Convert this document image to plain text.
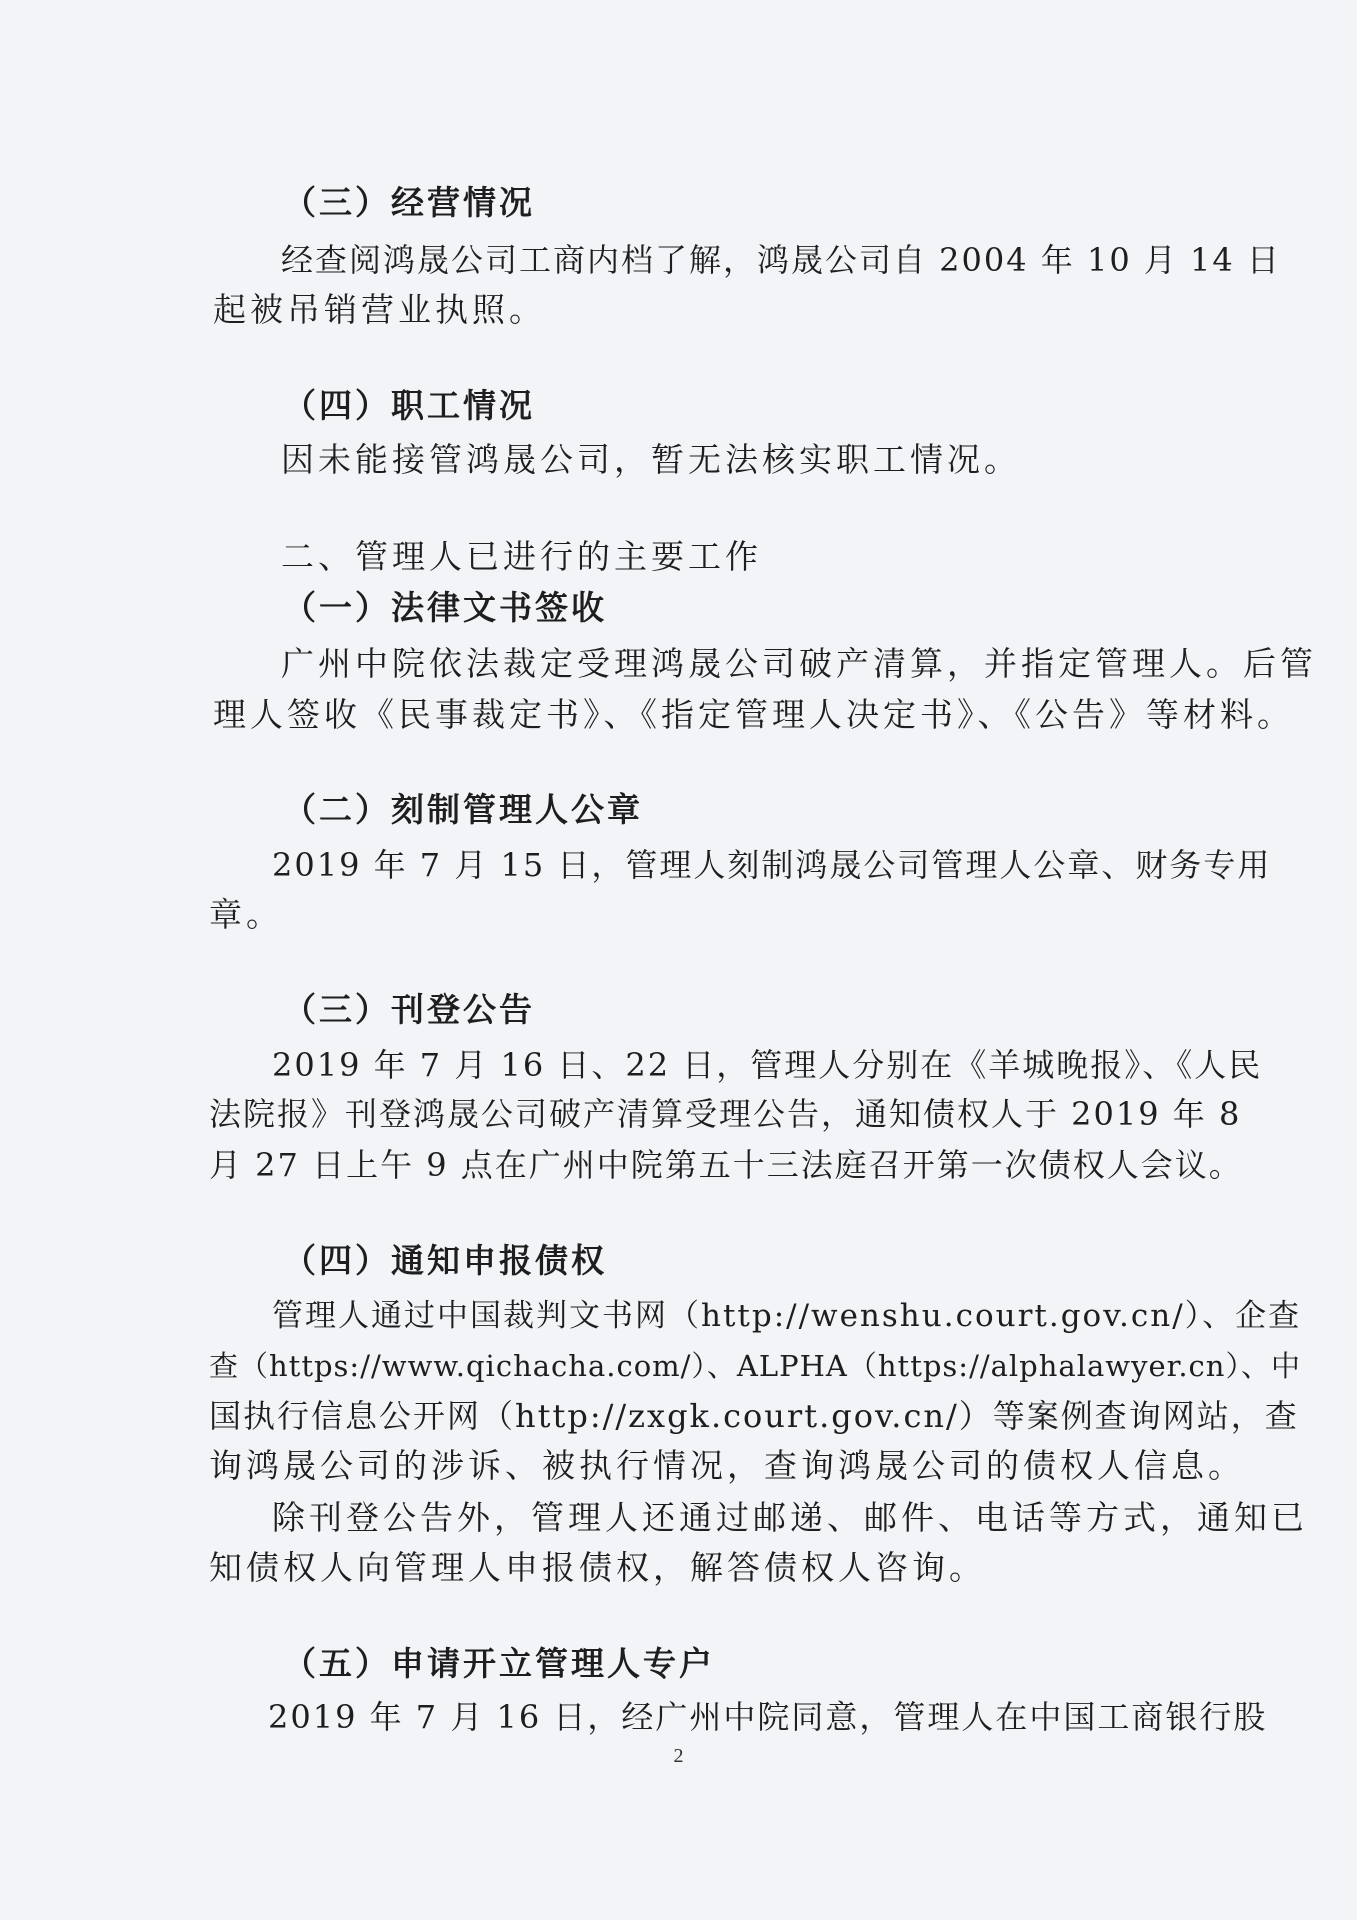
（三）经营情况
经查阅鸿晟公司工商内档了解，鸿晟公司自 2004 年 10 月 14 日
起被吊销营业执照。
（四）职工情况
因未能接管鸿晟公司，暂无法核实职工情况。
二、管理人已进行的主要工作
（一）法律文书签收
广州中院依法裁定受理鸿晟公司破产清算，并指定管理人。后管
理人签收《民事裁定书》、《指定管理人决定书》、《公告》等材料。
（二）刻制管理人公章
2019 年 7 月 15 日，管理人刻制鸿晟公司管理人公章、财务专用
章。
（三）刊登公告
2019 年 7 月 16 日、22 日，管理人分别在《羊城晚报》、《人民
法院报》刊登鸿晟公司破产清算受理公告，通知债权人于 2019 年 8
月 27 日上午 9 点在广州中院第五十三法庭召开第一次债权人会议。
（四）通知申报债权
管理人通过中国裁判文书网（http://wenshu.court.gov.cn/）、企查
查（https://www.qichacha.com/）、ALPHA（https://alphalawyer.cn）、中
国执行信息公开网（http://zxgk.court.gov.cn/）等案例查询网站，查
询鸿晟公司的涉诉、被执行情况，查询鸿晟公司的债权人信息。
除刊登公告外，管理人还通过邮递、邮件、电话等方式，通知已
知债权人向管理人申报债权，解答债权人咨询。
（五）申请开立管理人专户
2019 年 7 月 16 日，经广州中院同意，管理人在中国工商银行股
2
